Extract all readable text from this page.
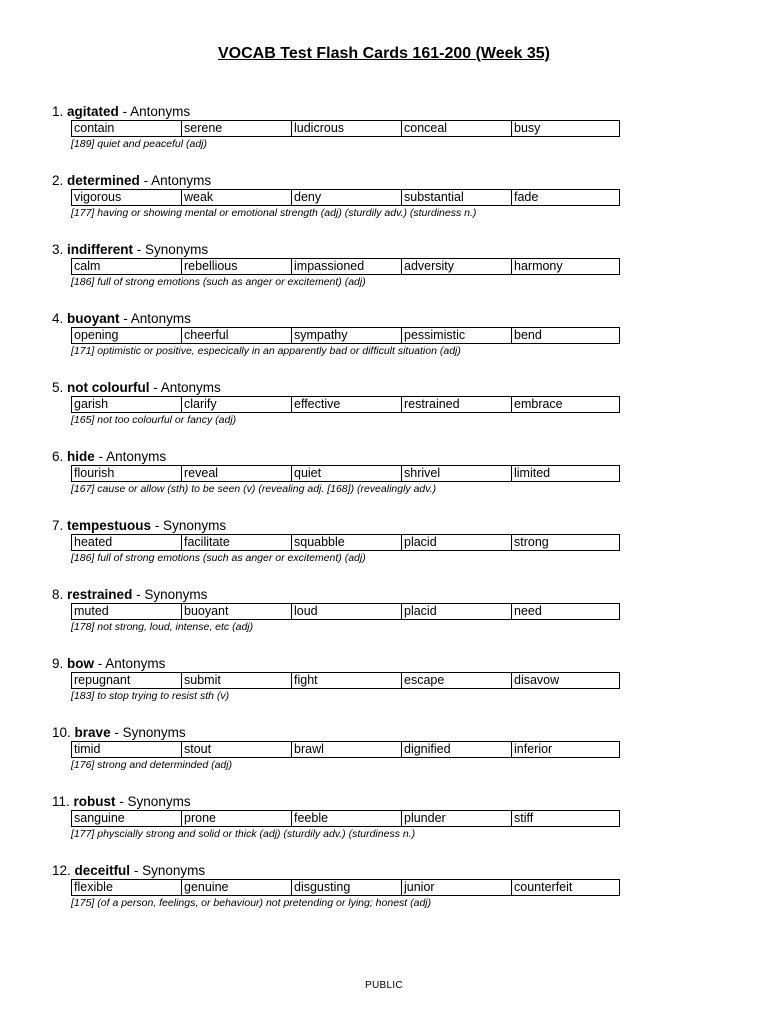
VOCAB Test Flash Cards 161-200 (Week 35)
1. agitated - Antonyms
contain	serene	ludicrous	conceal	busy
[189] quiet and peaceful (adj)
2. determined - Antonyms
vigorous	weak	deny	substantial	fade
[177] having or showing mental or emotional strength (adj) (sturdily adv.) (sturdiness n.)
3. indifferent - Synonyms
calm	rebellious	impassioned	adversity	harmony
[186] full of strong emotions (such as anger or excitement) (adj)
4. buoyant - Antonyms
opening	cheerful	sympathy	pessimistic	bend
[171] optimistic or positive, especically in an apparently bad or difficult situation (adj)
5. not colourful - Antonyms
garish	clarify	effective	restrained	embrace
[165] not too colourful or fancy (adj)
6. hide - Antonyms
flourish	reveal	quiet	shrivel	limited
[167] cause or allow (sth) to be seen (v) (revealing adj. [168]) (revealingly adv.)
7. tempestuous - Synonyms
heated	facilitate	squabble	placid	strong
[186] full of strong emotions (such as anger or excitement) (adj)
8. restrained - Synonyms
muted	buoyant	loud	placid	need
[178] not strong, loud, intense, etc (adj)
9. bow - Antonyms
repugnant	submit	fight	escape	disavow
[183] to stop trying to resist sth (v)
10. brave - Synonyms
timid	stout	brawl	dignified	inferior
[176] strong and determinded (adj)
11. robust - Synonyms
sanguine	prone	feeble	plunder	stiff
[177] physcially strong and solid or thick (adj) (sturdily adv.) (sturdiness n.)
12. deceitful - Synonyms
flexible	genuine	disgusting	junior	counterfeit
[175] (of a person, feelings, or behaviour) not pretending or lying; honest (adj)
PUBLIC
